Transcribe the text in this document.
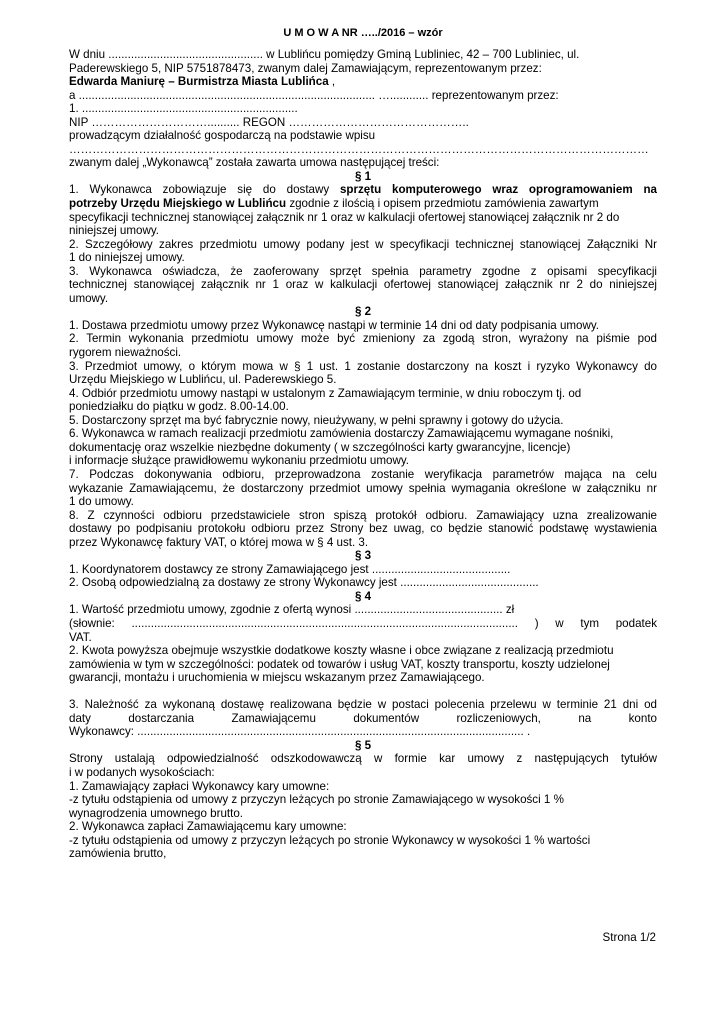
U M O W A NR …../2016 – wzór
W dniu ................................................ w Lublińcu pomiędzy Gminą Lubliniec, 42 – 700 Lubliniec, ul.
Paderewskiego 5, NIP 5751878473, zwanym dalej Zamawiającym, reprezentowanym przez:
Edwarda Maniurę – Burmistrza Miasta Lublińca ,
a ............................................................................................ …............ reprezentowanym przez:
1. ...................................................................
NIP ………………………….......... REGON ………………………………………..
prowadzącym działalność gospodarczą na podstawie wpisu
……………………………………………………………………………………………………………………………………
zwanym dalej „Wykonawcą” została zawarta umowa następującej treści:
§ 1
1. Wykonawca zobowiązuje się do dostawy sprzętu komputerowego wraz oprogramowaniem na
potrzeby Urzędu Miejskiego w Lublińcu zgodnie z ilością i opisem przedmiotu zamówienia zawartym
specyfikacji technicznej stanowiącej załącznik nr 1 oraz w kalkulacji ofertowej stanowiącej załącznik nr 2 do
niniejszej umowy.
2. Szczegółowy zakres przedmiotu umowy podany jest w specyfikacji technicznej stanowiącej Załączniki Nr
1 do niniejszej umowy.
3. Wykonawca oświadcza, że zaoferowany sprzęt spełnia parametry zgodne z opisami specyfikacji
technicznej stanowiącej załącznik nr 1 oraz w kalkulacji ofertowej stanowiącej załącznik nr 2 do niniejszej
umowy.
§ 2
1. Dostawa przedmiotu umowy przez Wykonawcę nastąpi w terminie 14 dni od daty podpisania umowy.
2. Termin wykonania przedmiotu umowy może być zmieniony za zgodą stron, wyrażony na piśmie pod
rygorem nieważności.
3. Przedmiot umowy, o którym mowa w § 1 ust. 1 zostanie dostarczony na koszt i ryzyko Wykonawcy do
Urzędu Miejskiego w Lublińcu, ul. Paderewskiego 5.
4. Odbiór przedmiotu umowy nastąpi w ustalonym z Zamawiającym terminie, w dniu roboczym tj. od
poniedziałku do piątku w godz. 8.00-14.00.
5. Dostarczony sprzęt ma być fabrycznie nowy, nieużywany, w pełni sprawny i gotowy do użycia.
6. Wykonawca w ramach realizacji przedmiotu zamówienia dostarczy Zamawiającemu wymagane nośniki,
dokumentację oraz wszelkie niezbędne dokumenty ( w szczególności karty gwarancyjne, licencje)
i informacje służące prawidłowemu wykonaniu przedmiotu umowy.
7. Podczas dokonywania odbioru, przeprowadzona zostanie weryfikacja parametrów mająca na celu
wykazanie Zamawiającemu, że dostarczony przedmiot umowy spełnia wymagania określone w załączniku nr
1 do umowy.
8. Z czynności odbioru przedstawiciele stron spiszą protokół odbioru. Zamawiający uzna zrealizowanie
dostawy po podpisaniu protokołu odbioru przez Strony bez uwag, co będzie stanowić podstawę wystawienia
przez Wykonawcę faktury VAT, o której mowa w § 4 ust. 3.
§ 3
1. Koordynatorem dostawcy ze strony Zamawiającego jest ...........................................
2. Osobą odpowiedzialną za dostawy ze strony Wykonawcy jest ...........................................
§ 4
1. Wartość przedmiotu umowy, zgodnie z ofertą wynosi .............................................. zł
(słownie: ........................................................................................................................ ) w tym podatek
VAT.
2. Kwota powyższa obejmuje wszystkie dodatkowe koszty własne i obce związane z realizacją przedmiotu
zamówienia w tym w szczególności: podatek od towarów i usług VAT, koszty transportu, koszty udzielonej
gwarancji, montażu i uruchomienia w miejscu wskazanym przez Zamawiającego.
3. Należność za wykonaną dostawę realizowana będzie w postaci polecenia przelewu w terminie 21 dni od
daty dostarczania Zamawiającemu dokumentów rozliczeniowych, na konto
Wykonawcy: ........................................................................................................................ .
§ 5
Strony ustalają odpowiedzialność odszkodowawczą w formie kar umowy z następujących tytułów
i w podanych wysokościach:
1. Zamawiający zapłaci Wykonawcy kary umowne:
-z tytułu odstąpienia od umowy z przyczyn leżących po stronie Zamawiającego w wysokości 1 %
wynagrodzenia umownego brutto.
2. Wykonawca zapłaci Zamawiającemu kary umowne:
-z tytułu odstąpienia od umowy z przyczyn leżących po stronie Wykonawcy w wysokości 1 % wartości
zamówienia brutto,
Strona 1/2
